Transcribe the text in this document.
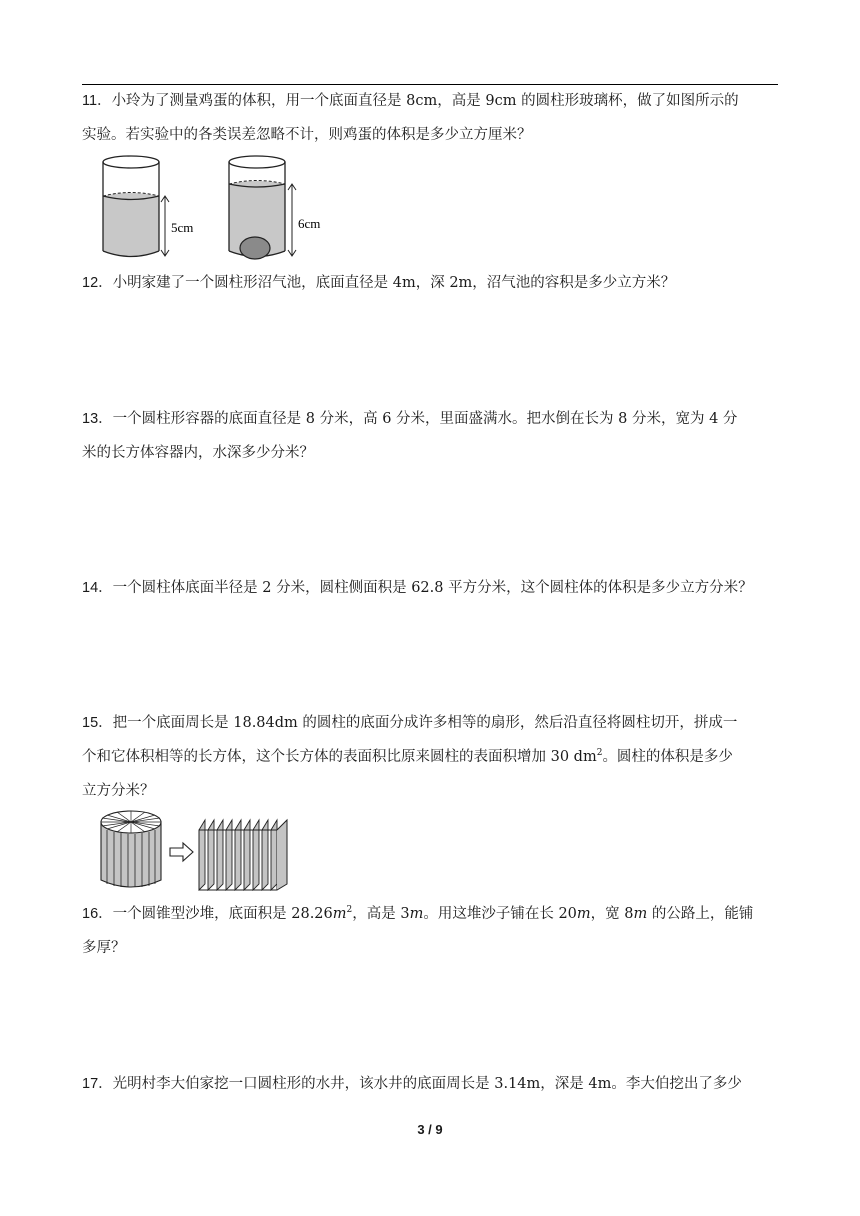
11．小玲为了测量鸡蛋的体积，用一个底面直径是 8cm，高是 9cm 的圆柱形玻璃杯，做了如图所示的

实验。若实验中的各类误差忽略不计，则鸡蛋的体积是多少立方厘米？

5cm	6cm

12．小明家建了一个圆柱形沼气池，底面直径是 4m，深 2m，沼气池的容积是多少立方米？

13．一个圆柱形容器的底面直径是 8 分米，高 6 分米，里面盛满水。把水倒在长为 8 分米，宽为 4 分

米的长方体容器内，水深多少分米？

14．一个圆柱体底面半径是 2 分米，圆柱侧面积是 62.8 平方分米，这个圆柱体的体积是多少立方分米？

15．把一个底面周长是 18.84dm 的圆柱的底面分成许多相等的扇形，然后沿直径将圆柱切开，拼成一

个和它体积相等的长方体，这个长方体的表面积比原来圆柱的表面积增加 30 $dm^2$。圆柱的体积是多少

立方分米？

16．一个圆锥型沙堆，底面积是 $28.26m^2$，高是 3m。用这堆沙子铺在长 20m，宽 8m 的公路上，能铺

多厚？

17．光明村李大伯家挖一口圆柱形的水井，该水井的底面周长是 3.14m，深是 4m。李大伯挖出了多少

3 / 9
